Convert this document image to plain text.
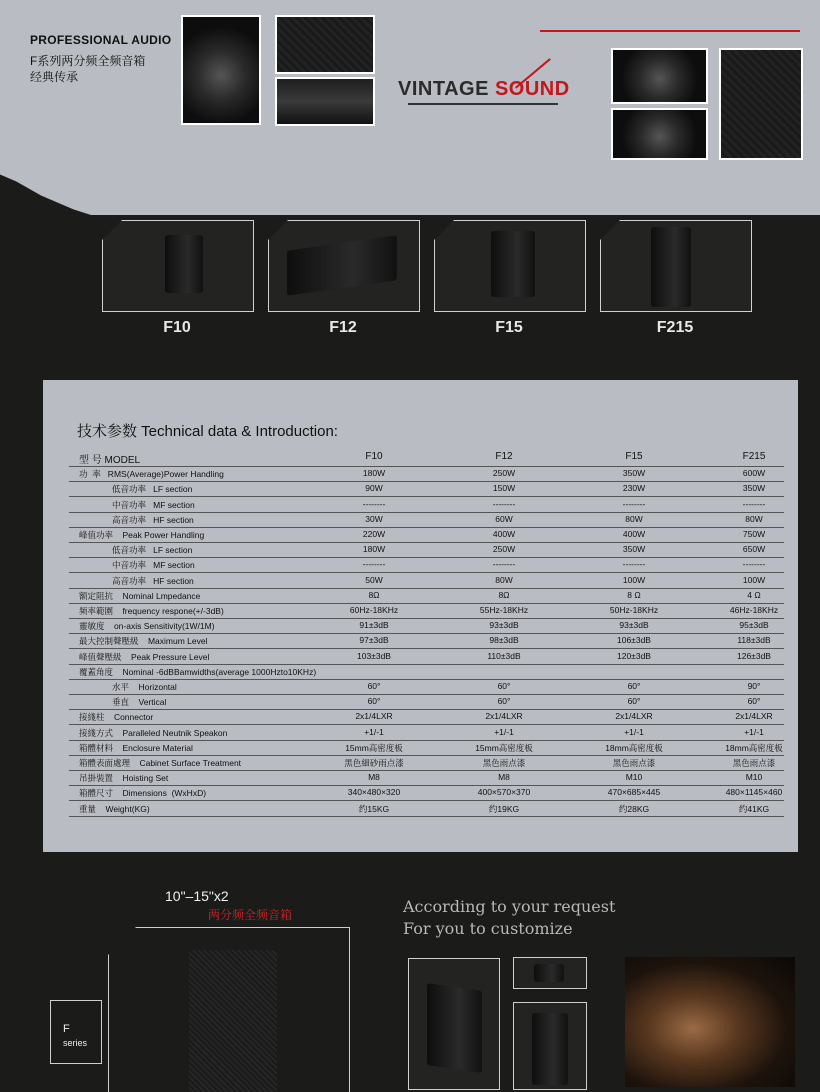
PROFESSIONAL AUDIO
F系列两分频全频音箱
经典传承
VINTAGE SOUND
F10	F12	F15	F215
技术参数 Technical data & Introduction:
型 号 MODEL	F10	F12	F15	F215
功  率   RMS(Average)Power Handling	180W	250W	350W	600W
低音功率   LF section	90W	150W	230W	350W
中音功率   MF section	--------	--------	--------	--------
高音功率   HF section	30W	60W	80W	80W
峰值功率    Peak Power Handling	220W	400W	400W	750W
低音功率   LF section	180W	250W	350W	650W
中音功率   MF section	--------	--------	--------	--------
高音功率   HF section	50W	80W	100W	100W
额定阻抗    Nominal Lmpedance	8Ω	8Ω	8 Ω	4 Ω
频率範圍    frequency respone(+/-3dB)	60Hz-18KHz	55Hz-18KHz	50Hz-18KHz	46Hz-18KHz
靈敏度    on-axis Sensitivity(1W/1M)	91±3dB	93±3dB	93±3dB	95±3dB
最大控制聲壓級    Maximum Level	97±3dB	98±3dB	106±3dB	118±3dB
峰值聲壓級    Peak Pressure Level	103±3dB	110±3dB	120±3dB	126±3dB
覆蓋角度    Nominal -6dBBamwidths(average 1000Hzto10KHz)
水平    Horizontal	60°	60°	60°	90°
垂直    Vertical	60°	60°	60°	60°
接綫柱    Connector	2x1/4LXR	2x1/4LXR	2x1/4LXR	2x1/4LXR
接綫方式    Paralleled Neutnik Speakon	+1/-1	+1/-1	+1/-1	+1/-1
箱體材料    Enclosure Material	15mm高密度板	15mm高密度板	18mm高密度板	18mm高密度板
箱體表面處理    Cabinet Surface Treatment	黑色細砂雨点漆	黑色雨点漆	黑色雨点漆	黑色雨点漆
吊掛裝置    Hoisting Set	M8	M8	M10	M10
箱體尺寸    Dimensions  (WxHxD)	340×480×320	400×570×370	470×685×445	480×1145×460
重量    Weight(KG)	约15KG	约19KG	约28KG	约41KG
10"–15"x2
两分频全频音箱	According to your request
For you to customize
F
series
